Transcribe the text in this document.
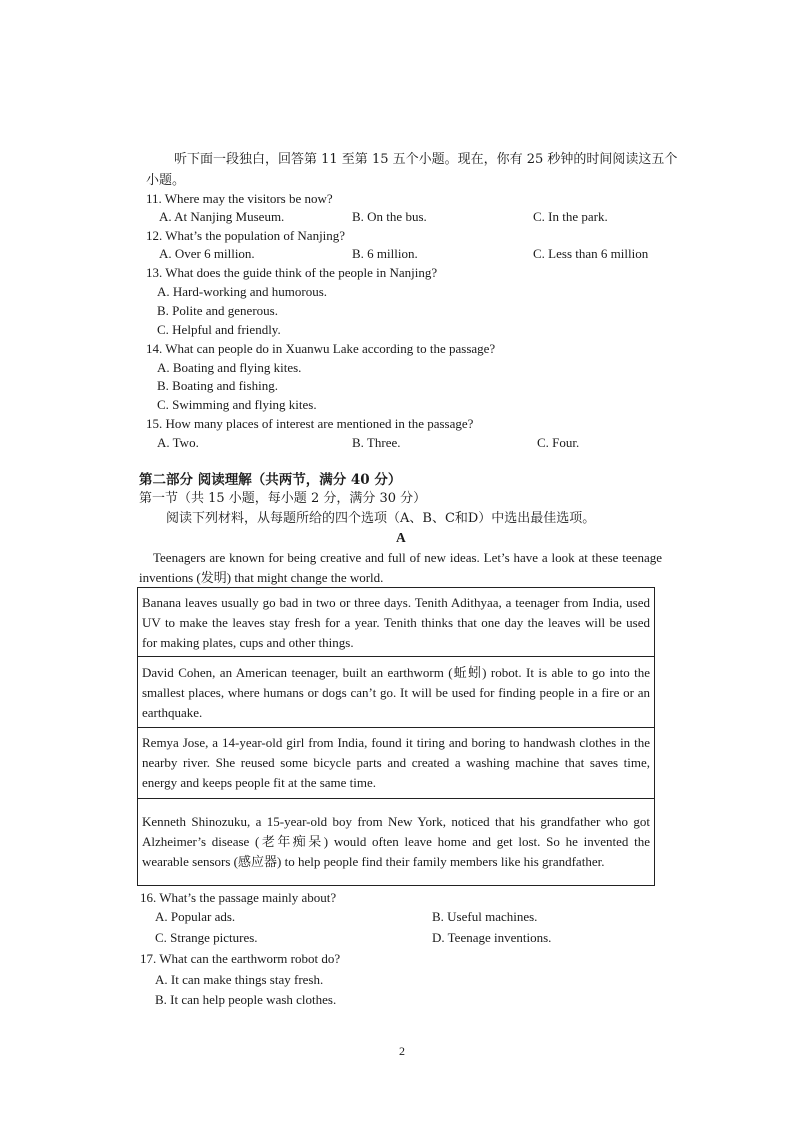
听下面一段独白，回答第 11 至第 15 五个小题。现在，你有 25 秒钟的时间阅读这五个
小题。
11. Where may the visitors be now?
A. At Nanjing Museum.	B. On the bus.	C. In the park.
12. What’s the population of Nanjing?
A. Over 6 million.	B. 6 million.	C. Less than 6 million
13. What does the guide think of the people in Nanjing?
A. Hard-working and humorous.
B. Polite and generous.
C. Helpful and friendly.
14. What can people do in Xuanwu Lake according to the passage?
A. Boating and flying kites.
B. Boating and fishing.
C. Swimming and flying kites.
15. How many places of interest are mentioned in the passage?
A. Two.	B. Three.	C. Four.
第二部分 阅读理解（共两节，满分 40 分）
第一节（共 15 小题，每小题 2 分，满分 30 分）
阅读下列材料，从每题所给的四个选项（A、B、C和D）中选出最佳选项。
A
Teenagers are known for being creative and full of new ideas. Let’s have a look at these teenage
inventions (发明) that might change the world.
Banana leaves usually go bad in two or three days. Tenith Adithyaa, a teenager from India, used
UV to make the leaves stay fresh for a year. Tenith thinks that one day the leaves will be used
for making plates, cups and other things.
David Cohen, an American teenager, built an earthworm (蚯蚓) robot. It is able to go into the
smallest places, where humans or dogs can’t go. It will be used for finding people in a fire or an
earthquake.
Remya Jose, a 14-year-old girl from India, found it tiring and boring to handwash clothes in the
nearby river. She reused some bicycle parts and created a washing machine that saves time,
energy and keeps people fit at the same time.
Kenneth Shinozuku, a 15-year-old boy from New York, noticed that his grandfather who got
Alzheimer’s disease (老年痴呆) would often leave home and get lost. So he invented the
wearable sensors (感应器) to help people find their family members like his grandfather.
16. What’s the passage mainly about?
A. Popular ads.	B. Useful machines.
C. Strange pictures.	D. Teenage inventions.
17. What can the earthworm robot do?
A. It can make things stay fresh.
B. It can help people wash clothes.
2
